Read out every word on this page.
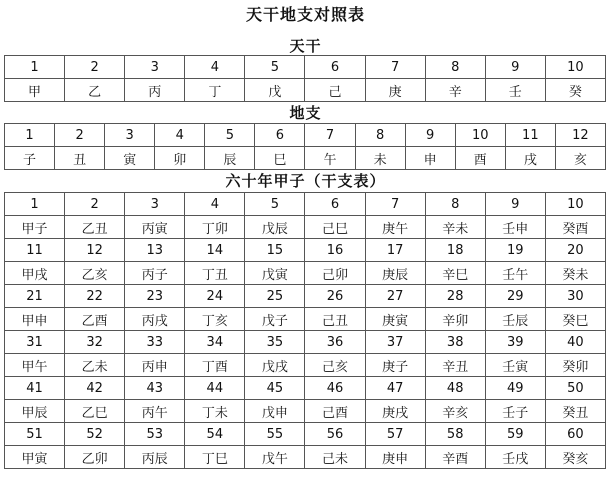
天干地支对照表
天干
1	2	3	4	5	6	7	8	9	10
甲	乙	丙	丁	戊	己	庚	辛	壬	癸
地支
1	2	3	4	5	6	7	8	9	10	11	12
子	丑	寅	卯	辰	巳	午	未	申	酉	戌	亥
六十年甲子（干支表）
1	2	3	4	5	6	7	8	9	10
甲子	乙丑	丙寅	丁卯	戊辰	己巳	庚午	辛未	壬申	癸酉
11	12	13	14	15	16	17	18	19	20
甲戌	乙亥	丙子	丁丑	戊寅	己卯	庚辰	辛巳	壬午	癸未
21	22	23	24	25	26	27	28	29	30
甲申	乙酉	丙戌	丁亥	戊子	己丑	庚寅	辛卯	壬辰	癸巳
31	32	33	34	35	36	37	38	39	40
甲午	乙未	丙申	丁酉	戊戌	己亥	庚子	辛丑	壬寅	癸卯
41	42	43	44	45	46	47	48	49	50
甲辰	乙巳	丙午	丁未	戊申	己酉	庚戌	辛亥	壬子	癸丑
51	52	53	54	55	56	57	58	59	60
甲寅	乙卯	丙辰	丁巳	戊午	己未	庚申	辛酉	壬戌	癸亥
